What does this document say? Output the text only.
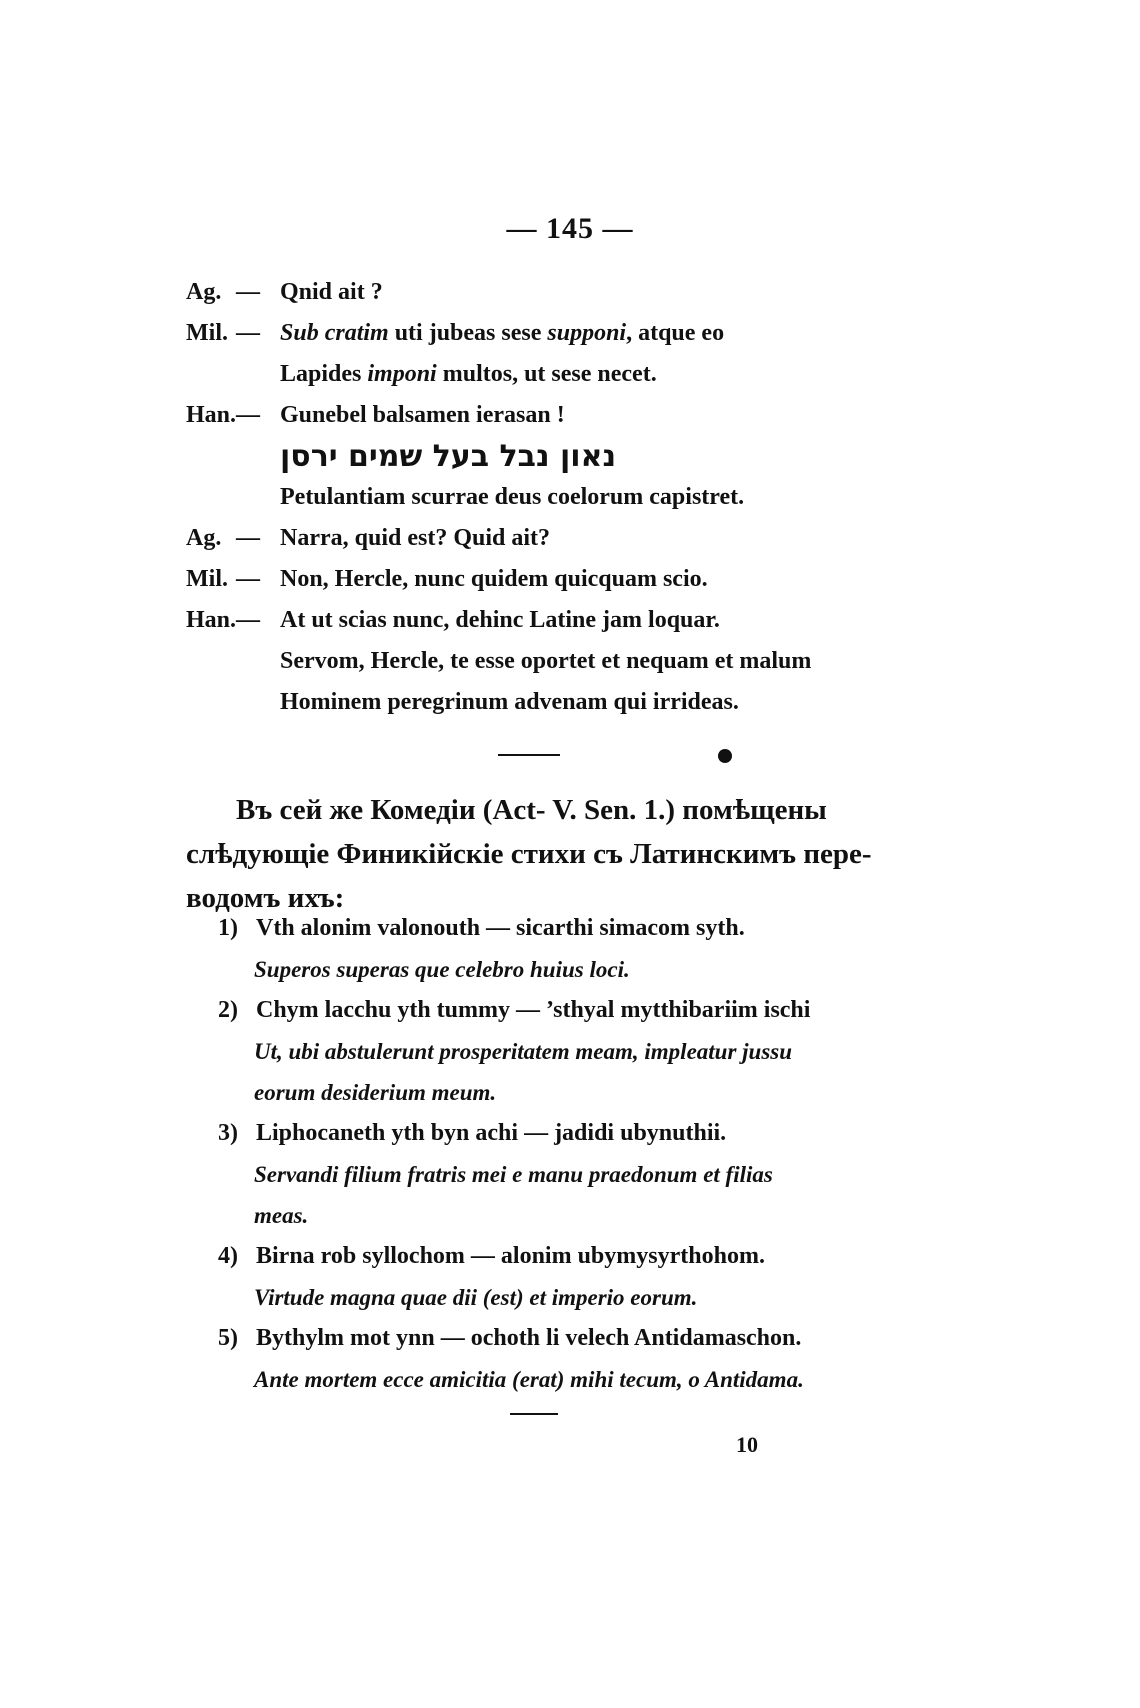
— 145 —
Ag. — Qnid ait ?
Mil. — Sub cratim uti jubeas sese supponi, atque eo
Lapides imponi multos, ut sese necet.
Han. — Gunebel balsamen ierasan !
נאון נבל בעל שמים ירסן
Petulantiam scurrae deus coelorum capistret.
Ag. — Narra, quid est? Quid ait?
Mil. — Non, Hercle, nunc quidem quicquam scio.
Han. — At ut scias nunc, dehinc Latine jam loquar.
Servom, Hercle, te esse oportet et nequam et malum
Hominem peregrinum advenam qui irrideas.
Въ сей же Комедіи (Act- V. Sen. 1.) помѣщены
слѣдующіе Финикійскіе стихи съ Латинскимъ пере-
водомъ ихъ:
1) Vth alonim valonouth — sicarthi simacom syth.
Superos superas que celebro huius loci.
2) Chym lacchu yth tummy — ’sthyal mytthibariim ischi
Ut, ubi abstulerunt prosperitatem meam, impleatur jussu
eorum desiderium meum.
3) Liphocaneth yth byn achi — jadidi ubynuthii.
Servandi filium fratris mei e manu praedonum et filias
meas.
4) Birna rob syllochom — alonim ubymysyrthohom.
Virtude magna quae dii (est) et imperio eorum.
5) Bythylm mot ynn — ochoth li velech Antidamaschon.
Ante mortem ecce amicitia (erat) mihi tecum, o Antidama.
10
